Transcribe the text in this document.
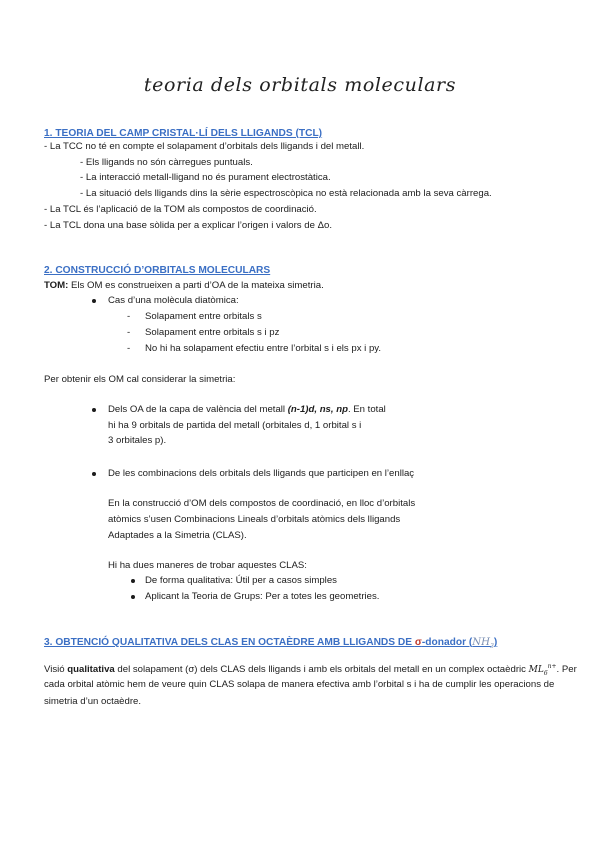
teoria dels orbitals moleculars
1. TEORIA DEL CAMP CRISTAL·LÍ DELS LLIGANDS (TCL)
- La TCC no té en compte el solapament d’orbitals dels lligands i del metall.
- Els lligands no són càrregues puntuals.
- La interacció metall-lligand no és purament electrostàtica.
- La situació dels lligands dins la sèrie espectroscòpica no està relacionada amb la seva càrrega.
- La TCL és l’aplicació de la TOM als compostos de coordinació.
- La TCL dona una base sòlida per a explicar l’origen i valors de Δo.
2. CONSTRUCCIÓ D’ORBITALS MOLECULARS
TOM: Els OM es construeixen a parti d’OA de la mateixa simetria.
Cas d’una molècula diatòmica:
- Solapament entre orbitals s
- Solapament entre orbitals s i pz
- No hi ha solapament efectiu entre l’orbital s i els px i py.
Per obtenir els OM cal considerar la simetria:
Dels OA de la capa de valència del metall (n-1)d, ns, np. En total
hi ha 9 orbitals de partida del metall (orbitales d, 1 orbital s i
3 orbitales p).
De les combinacions dels orbitals dels lligands que participen en l’enllaç
En la construcció d’OM dels compostos de coordinació, en lloc d’orbitals
atòmics s’usen Combinacions Lineals d’orbitals atòmics dels lligands
Adaptades a la Simetria (CLAS).
Hi ha dues maneres de trobar aquestes CLAS:
De forma qualitativa: Útil per a casos simples
Aplicant la Teoria de Grups: Per a totes les geometries.
3. OBTENCIÓ QUALITATIVA DELS CLAS EN OCTAÈDRE AMB LLIGANDS DE σ-donador $(NH_3)$
Visió qualitativa del solapament (σ) dels CLAS dels lligands i amb els orbitals del metall en un complex octaèdric $ML_6^{n+}$. Per
cada orbital atòmic hem de veure quin CLAS solapa de manera efectiva amb l’orbital s i ha de cumplir les operacions de
simetria d’un octaèdre.
